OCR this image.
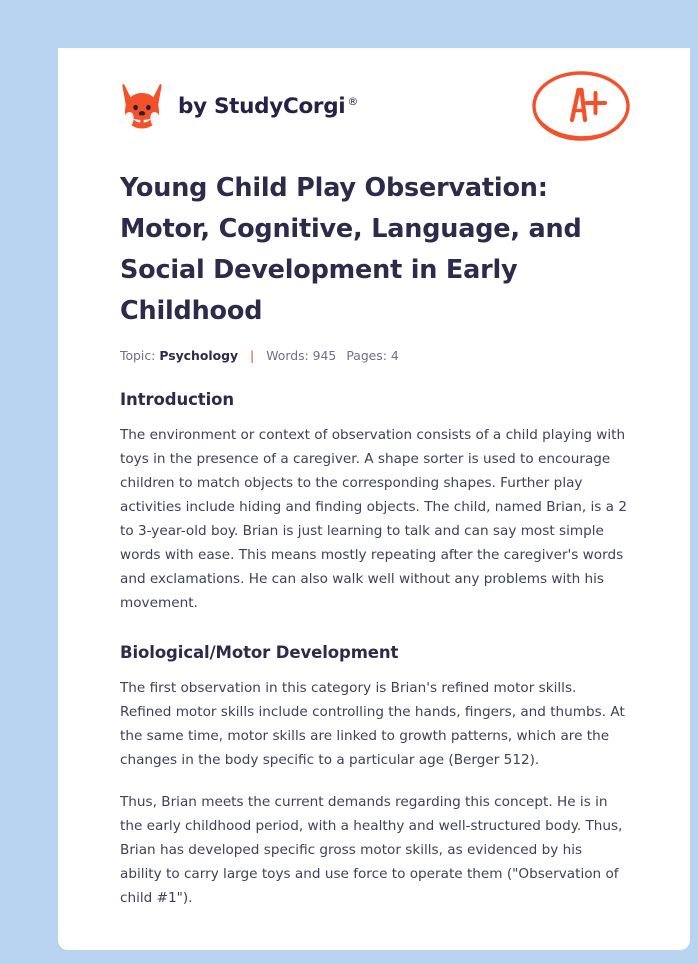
by StudyCorgi ®
Young Child Play Observation: Motor, Cognitive, Language, and Social Development in Early Childhood
Topic: Psychology | Words: 945 Pages: 4
Introduction

The environment or context of observation consists of a child playing with toys in the presence of a caregiver. A shape sorter is used to encourage children to match objects to the corresponding shapes. Further play activities include hiding and finding objects. The child, named Brian, is a 2 to 3-year-old boy. Brian is just learning to talk and can say most simple words with ease. This means mostly repeating after the caregiver's words and exclamations. He can also walk well without any problems with his movement.

Biological/Motor Development

The first observation in this category is Brian's refined motor skills. Refined motor skills include controlling the hands, fingers, and thumbs. At the same time, motor skills are linked to growth patterns, which are the changes in the body specific to a particular age (Berger 512).

Thus, Brian meets the current demands regarding this concept. He is in the early childhood period, with a healthy and well-structured body. Thus, Brian has developed specific gross motor skills, as evidenced by his ability to carry large toys and use force to operate them ("Observation of child #1").
